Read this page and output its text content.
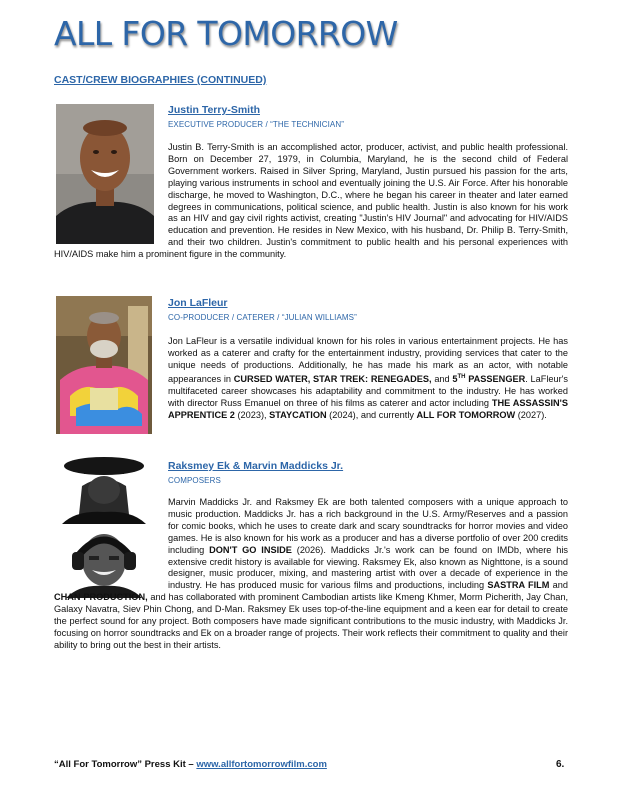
ALL FOR TOMORROW
CAST/CREW BIOGRAPHIES (CONTINUED)
Justin Terry-Smith
EXECUTIVE PRODUCER / “THE TECHNICIAN”

Justin B. Terry-Smith is an accomplished actor, producer, activist, and public health professional. Born on December 27, 1979, in Columbia, Maryland, he is the second child of Federal Government workers. Raised in Silver Spring, Maryland, Justin pursued his passion for the arts, playing various instruments in school and eventually joining the U.S. Air Force. After his honorable discharge, he moved to Washington, D.C., where he began his career in theater and later earned degrees in communications, political science, and public health. Justin is also known for his work as an HIV and gay civil rights activist, creating "Justin's HIV Journal" and advocating for HIV/AIDS education and prevention. He resides in New Mexico, with his husband, Dr. Philip B. Terry-Smith, and their two children. Justin's commitment to public health and his personal experiences with HIV/AIDS make him a prominent figure in the community.

Jon LaFleur
CO-PRODUCER / CATERER / “JULIAN WILLIAMS”

Jon LaFleur is a versatile individual known for his roles in various entertainment projects. He has worked as a caterer and crafty for the entertainment industry, providing services that cater to the unique needs of productions. Additionally, he has made his mark as an actor, with notable appearances in CURSED WATER, STAR TREK: RENEGADES, and 5TH PASSENGER. LaFleur's multifaceted career showcases his adaptability and commitment to the industry. He has worked with director Russ Emanuel on three of his films as caterer and actor including THE ASSASSIN'S APPRENTICE 2 (2023), STAYCATION (2024), and currently ALL FOR TOMORROW (2027).

Raksmey Ek & Marvin Maddicks Jr.
COMPOSERS

Marvin Maddicks Jr. and Raksmey Ek are both talented composers with a unique approach to music production. Maddicks Jr. has a rich background in the U.S. Army/Reserves and a passion for comic books, which he uses to create dark and scary soundtracks for horror movies and video games. He is also known for his work as a producer and has a diverse portfolio of over 200 credits including DON'T GO INSIDE (2026). Maddicks Jr.'s work can be found on IMDb, where his extensive credit history is available for viewing. Raksmey Ek, also known as Nighttone, is a sound designer, music producer, mixing, and mastering artist with over a decade of experience in the industry. He has produced music for various films and productions, including SASTRA FILM and CHAN PRODUCTION, and has collaborated with prominent Cambodian artists like Kmeng Khmer, Morm Picherith, Jay Chan, Galaxy Navatra, Siev Phin Chong, and D-Man. Raksmey Ek uses top-of-the-line equipment and a keen ear for detail to create the perfect sound for any project. Both composers have made significant contributions to the music industry, with Maddicks Jr. focusing on horror soundtracks and Ek on a broader range of projects. Their work reflects their commitment to quality and their ability to bring out the best in their artists.

“All For Tomorrow” Press Kit – www.allfortomorrowfilm.com	6.
